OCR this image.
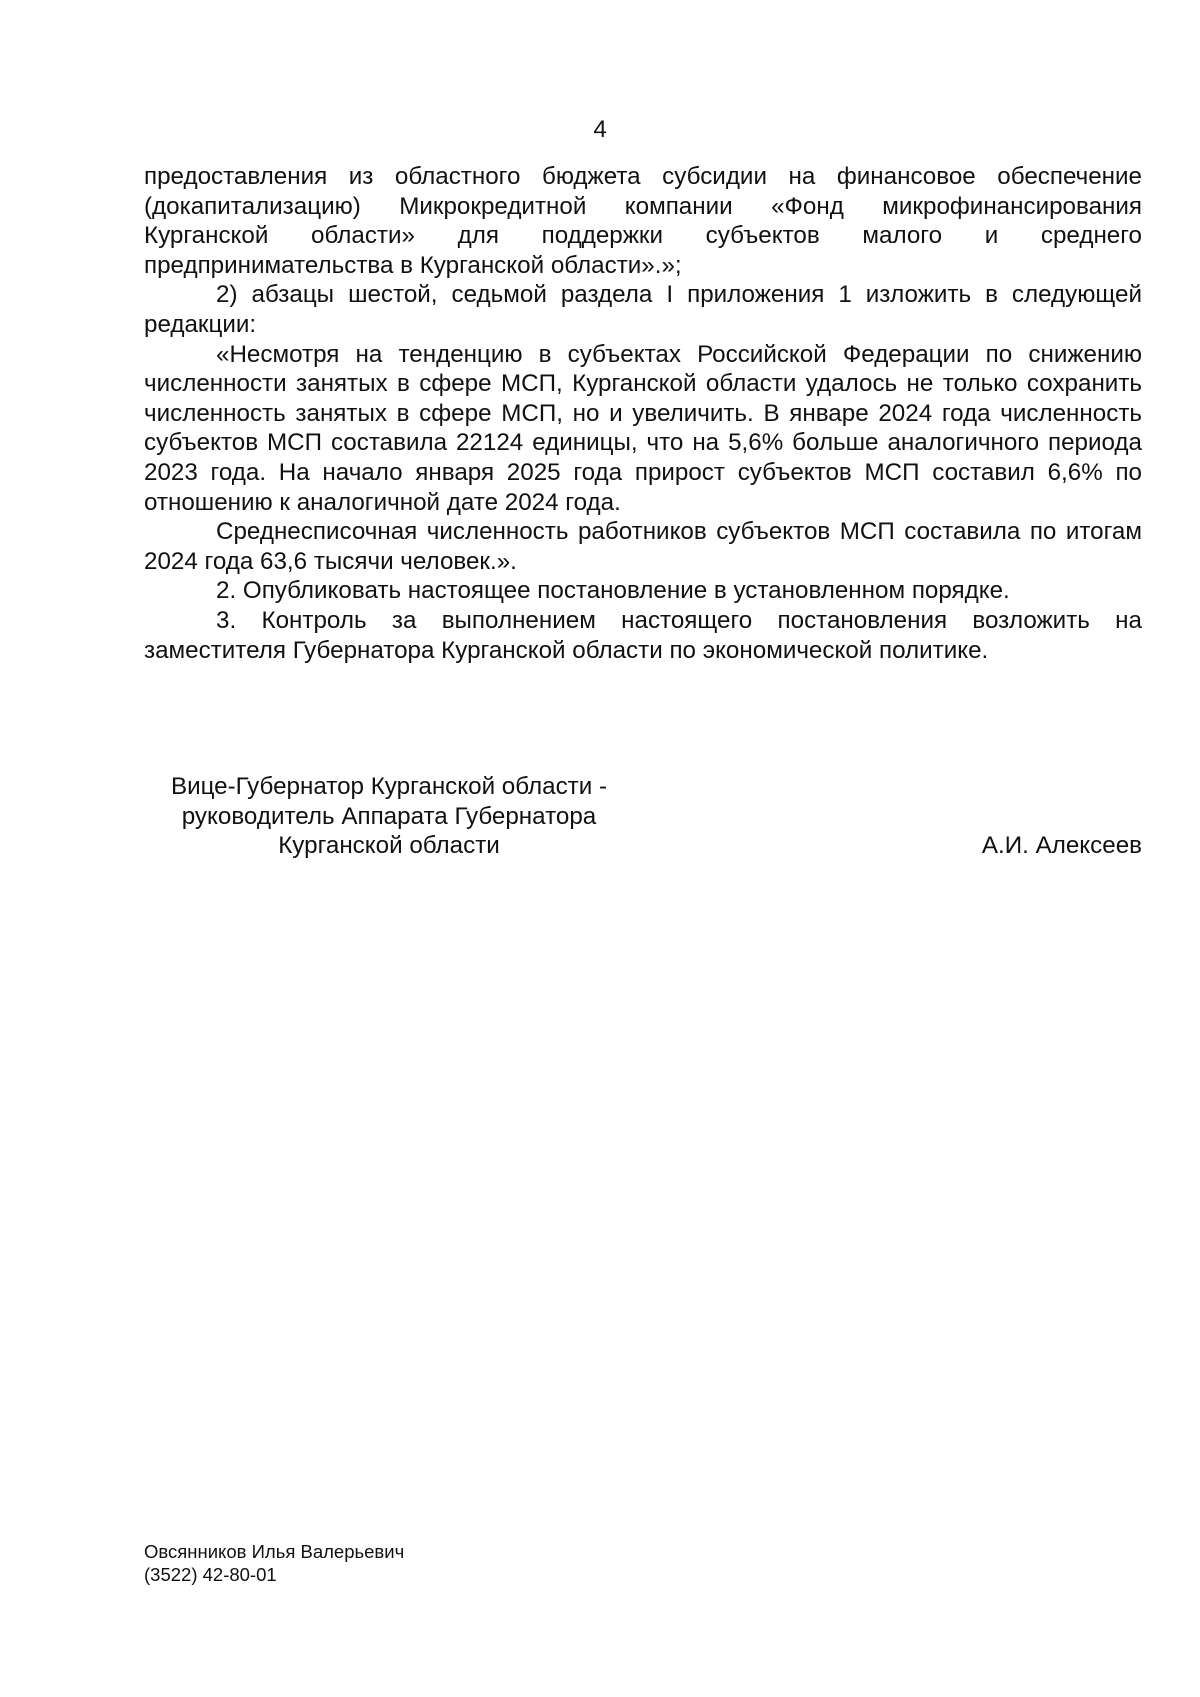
4

предоставления из областного бюджета субсидии на финансовое обеспечение (докапитализацию) Микрокредитной компании «Фонд микрофинансирования Курганской области» для поддержки субъектов малого и среднего предпринимательства в Курганской области».»;

2) абзацы шестой, седьмой раздела I приложения 1 изложить в следующей редакции:

«Несмотря на тенденцию в субъектах Российской Федерации по снижению численности занятых в сфере МСП, Курганской области удалось не только сохранить численность занятых в сфере МСП, но и увеличить. В январе 2024 года численность субъектов МСП составила 22124 единицы, что на 5,6% больше аналогичного периода 2023 года. На начало января 2025 года прирост субъектов МСП составил 6,6% по отношению к аналогичной дате 2024 года.

Среднесписочная численность работников субъектов МСП составила по итогам 2024 года 63,6 тысячи человек.».

2. Опубликовать настоящее постановление в установленном порядке.

3. Контроль за выполнением настоящего постановления возложить на заместителя Губернатора Курганской области по экономической политике.

Вице-Губернатор Курганской области -
руководитель Аппарата Губернатора
Курганской области	А.И. Алексеев
Овсянников Илья Валерьевич
(3522) 42-80-01
